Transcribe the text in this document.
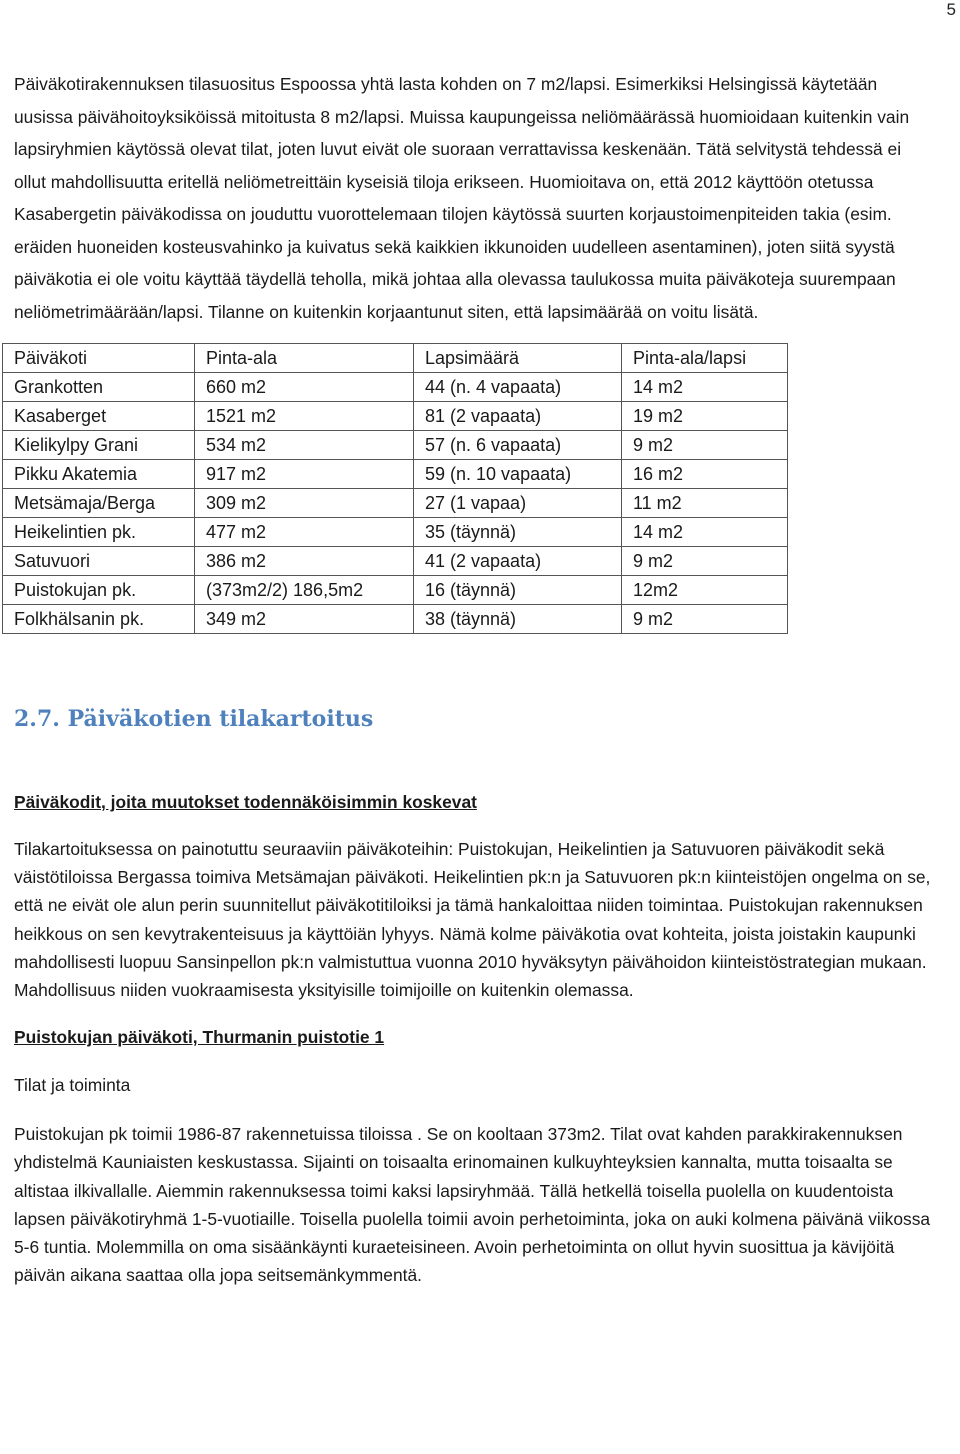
5

Päiväkotirakennuksen tilasuositus Espoossa yhtä lasta kohden on 7 m2/lapsi. Esimerkiksi Helsingissä käytetään uusissa päivähoitoyksiköissä mitoitusta 8 m2/lapsi. Muissa kaupungeissa neliömäärässä huomioidaan kuitenkin vain lapsiryhmien käytössä olevat tilat, joten luvut eivät ole suoraan verrattavissa keskenään. Tätä selvitystä tehdessä ei ollut mahdollisuutta eritellä neliömetreittäin kyseisiä tiloja erikseen. Huomioitava on, että 2012 käyttöön otetussa Kasabergetin päiväkodissa on jouduttu vuorottelemaan tilojen käytössä suurten korjaustoimenpiteiden takia (esim. eräiden huoneiden kosteusvahinko ja kuivatus sekä kaikkien ikkunoiden uudelleen asentaminen), joten siitä syystä päiväkotia ei ole voitu käyttää täydellä teholla, mikä johtaa alla olevassa taulukossa muita päiväkoteja suurempaan neliömetrimäärään/lapsi. Tilanne on kuitenkin korjaantunut siten, että lapsimäärää on voitu lisätä.

Päiväkoti	Pinta-ala	Lapsimäärä	Pinta-ala/lapsi
Grankotten	660 m2	44 (n. 4 vapaata)	14 m2
Kasaberget	1521 m2	81 (2 vapaata)	19 m2
Kielikylpy Grani	534 m2	57 (n. 6 vapaata)	9 m2
Pikku Akatemia	917 m2	59 (n. 10 vapaata)	16 m2
Metsämaja/Berga	309 m2	27 (1 vapaa)	11 m2
Heikelintien pk.	477 m2	35 (täynnä)	14 m2
Satuvuori	386 m2	41 (2 vapaata)	9 m2
Puistokujan pk.	(373m2/2) 186,5m2	16 (täynnä)	12m2
Folkhälsanin pk.	349 m2	38 (täynnä)	9 m2
2.7. Päiväkotien tilakartoitus

Päiväkodit, joita muutokset todennäköisimmin koskevat

Tilakartoituksessa on painotuttu seuraaviin päiväkoteihin: Puistokujan, Heikelintien ja Satuvuoren päiväkodit sekä väistötiloissa Bergassa toimiva Metsämajan päiväkoti. Heikelintien pk:n ja Satuvuoren pk:n kiinteistöjen ongelma on se, että ne eivät ole alun perin suunnitellut päiväkotitiloiksi ja tämä hankaloittaa niiden toimintaa. Puistokujan rakennuksen heikkous on sen kevytrakenteisuus ja käyttöiän lyhyys. Nämä kolme päiväkotia ovat kohteita, joista joistakin kaupunki mahdollisesti luopuu Sansinpellon pk:n valmistuttua vuonna 2010 hyväksytyn päivähoidon kiinteistöstrategian mukaan. Mahdollisuus niiden vuokraamisesta yksityisille toimijoille on kuitenkin olemassa.

Puistokujan päiväkoti, Thurmanin puistotie 1

Tilat ja toiminta

Puistokujan pk toimii 1986-87 rakennetuissa tiloissa . Se on kooltaan 373m2. Tilat ovat kahden parakkirakennuksen yhdistelmä Kauniaisten keskustassa. Sijainti on toisaalta erinomainen kulkuyhteyksien kannalta, mutta toisaalta se altistaa ilkivallalle. Aiemmin rakennuksessa toimi kaksi lapsiryhmää. Tällä hetkellä toisella puolella on kuudentoista lapsen päiväkotiryhmä 1-5-vuotiaille. Toisella puolella toimii avoin perhetoiminta, joka on auki kolmena päivänä viikossa 5-6 tuntia. Molemmilla on oma sisäänkäynti kuraeteisineen. Avoin perhetoiminta on ollut hyvin suosittua ja kävijöitä päivän aikana saattaa olla jopa seitsemänkymmentä.
